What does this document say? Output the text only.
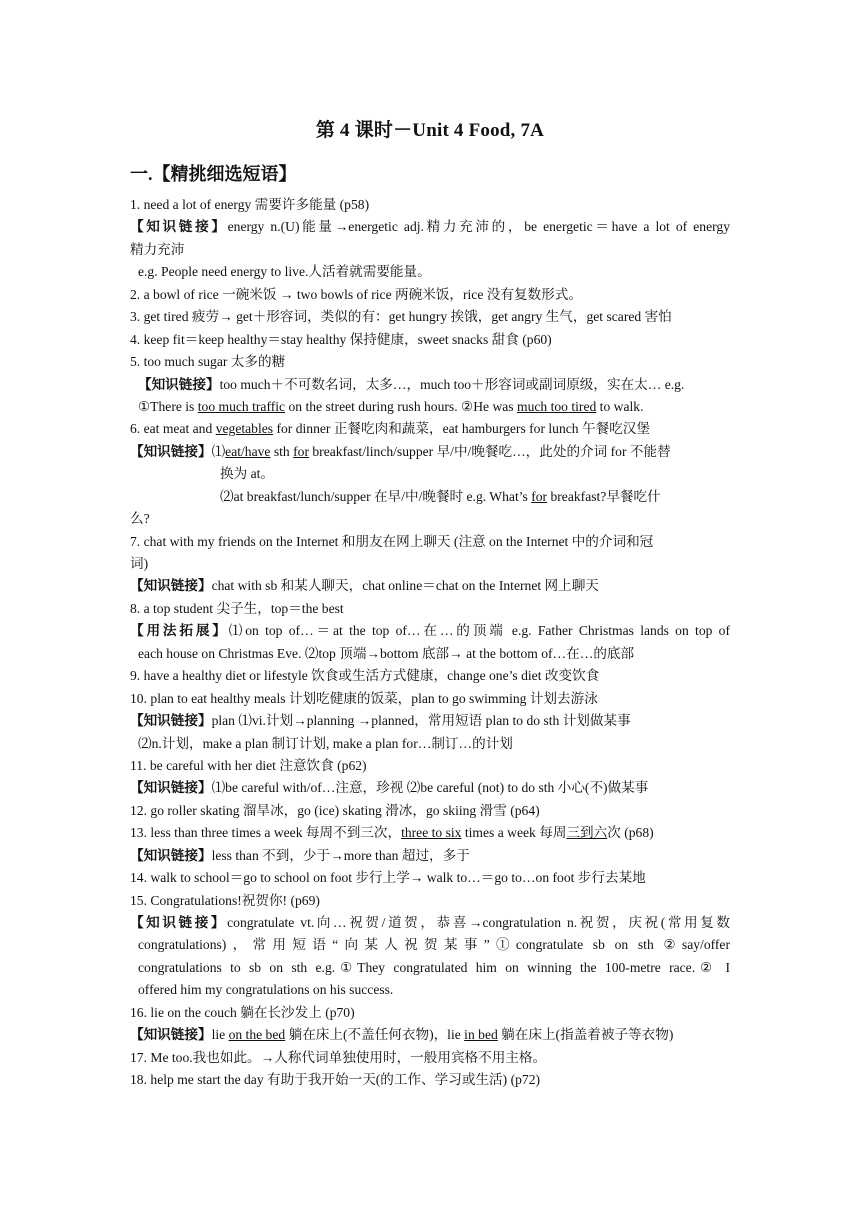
第 4 课时－Unit 4 Food, 7A
一.【精挑细选短语】
1. need a lot of energy 需要许多能量 (p58)
【知识链接】energy n.(U)能量→energetic adj.精力充沛的，be energetic＝have a lot of energy
精力充沛
e.g. People need energy to live.人活着就需要能量。
2. a bowl of rice 一碗米饭 → two bowls of rice 两碗米饭，rice 没有复数形式。
3. get tired 疲劳→ get＋形容词，类似的有：get hungry 挨饿，get angry 生气，get scared 害怕
4. keep fit＝keep healthy＝stay healthy 保持健康，sweet snacks 甜食 (p60)
5. too much sugar 太多的糖
【知识链接】too much＋不可数名词，太多…，much too＋形容词或副词原级，实在太… e.g.
①There is too much traffic on the street during rush hours. ②He was much too tired to walk.
6. eat meat and vegetables for dinner 正餐吃肉和蔬菜，eat hamburgers for lunch 午餐吃汉堡
【知识链接】⑴eat/have sth for breakfast/linch/supper 早/中/晚餐吃…，此处的介词 for 不能替
换为 at。
⑵at breakfast/lunch/supper 在早/中/晚餐时 e.g. What’s for breakfast?早餐吃什
么?
7. chat with my friends on the Internet 和朋友在网上聊天 (注意 on the Internet 中的介词和冠
词)
【知识链接】chat with sb 和某人聊天，chat online＝chat on the Internet 网上聊天
8. a top student 尖子生，top＝the best
【用法拓展】⑴on top of…＝at the top of…在…的顶端 e.g. Father Christmas lands on top of
each house on Christmas Eve. ⑵top 顶端→bottom 底部→ at the bottom of…在…的底部
9. have a healthy diet or lifestyle 饮食或生活方式健康，change one’s diet 改变饮食
10. plan to eat healthy meals 计划吃健康的饭菜，plan to go swimming 计划去游泳
【知识链接】plan ⑴vi.计划→planning →planned，常用短语 plan to do sth 计划做某事
⑵n.计划，make a plan 制订计划, make a plan for…制订…的计划
11. be careful with her diet 注意饮食 (p62)
【知识链接】⑴be careful with/of…注意，珍视 ⑵be careful (not) to do sth 小心(不)做某事
12. go roller skating 溜旱冰，go (ice) skating 滑冰，go skiing 滑雪 (p64)
13. less than three times a week 每周不到三次，three to six times a week 每周三到六次 (p68)
【知识链接】less than 不到，少于→more than 超过，多于
14. walk to school＝go to school on foot 步行上学→ walk to…＝go to…on foot 步行去某地
15. Congratulations!祝贺你! (p69)
【知识链接】congratulate vt.向…祝贺/道贺，恭喜→congratulation n.祝贺，庆祝(常用复数
congratulations)，常用短语“向某人祝贺某事”①congratulate sb on sth ②say/offer
congratulations to sb on sth e.g.①They congratulated him on winning the 100-metre race.② I
offered him my congratulations on his success.
16. lie on the couch 躺在长沙发上 (p70)
【知识链接】lie on the bed 躺在床上(不盖任何衣物)，lie in bed 躺在床上(指盖着被子等衣物)
17. Me too.我也如此。→人称代词单独使用时，一般用宾格不用主格。
18. help me start the day 有助于我开始一天(的工作、学习或生活) (p72)
